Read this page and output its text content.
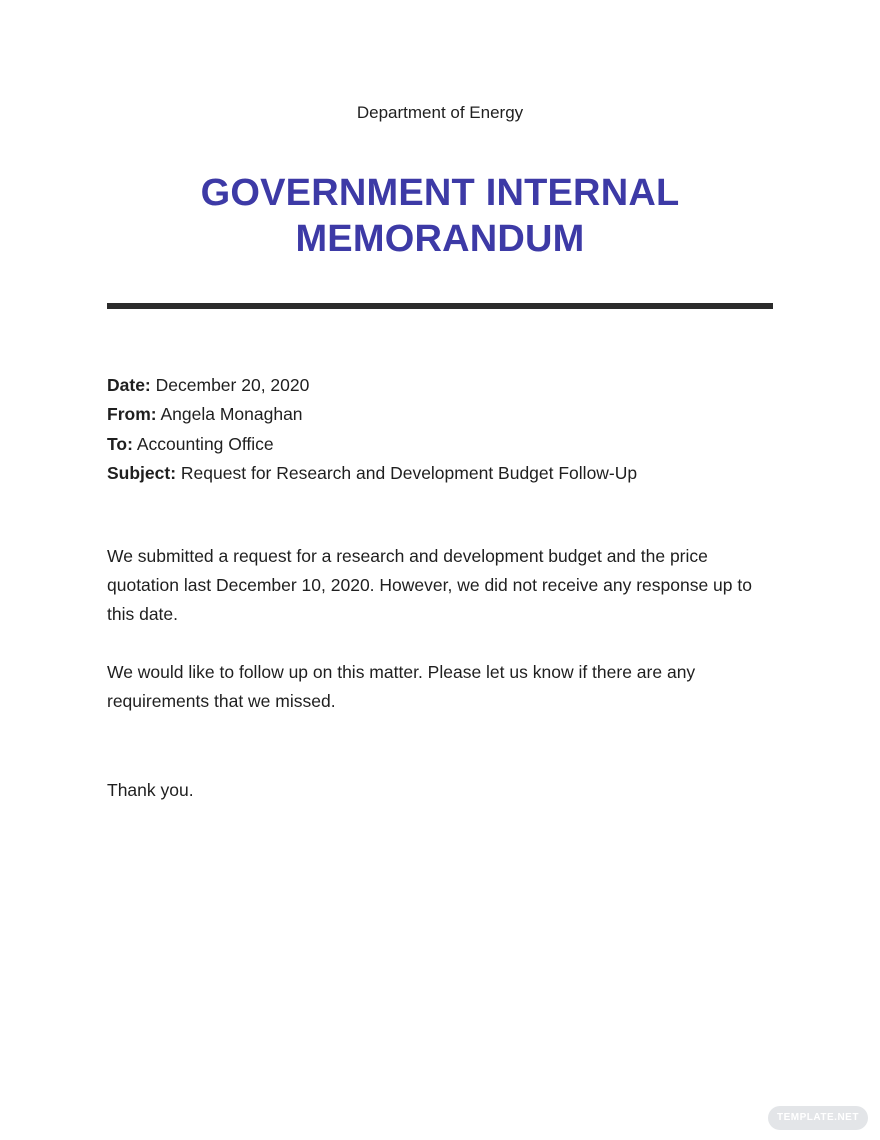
Department of Energy
GOVERNMENT INTERNAL
MEMORANDUM
Date: December 20, 2020
From: Angela Monaghan
To: Accounting Office
Subject: Request for Research and Development Budget Follow-Up

We submitted a request for a research and development budget and the price quotation last December 10, 2020. However, we did not receive any response up to this date.

We would like to follow up on this matter. Please let us know if there are any requirements that we missed.

Thank you.

TEMPLATE.NET
